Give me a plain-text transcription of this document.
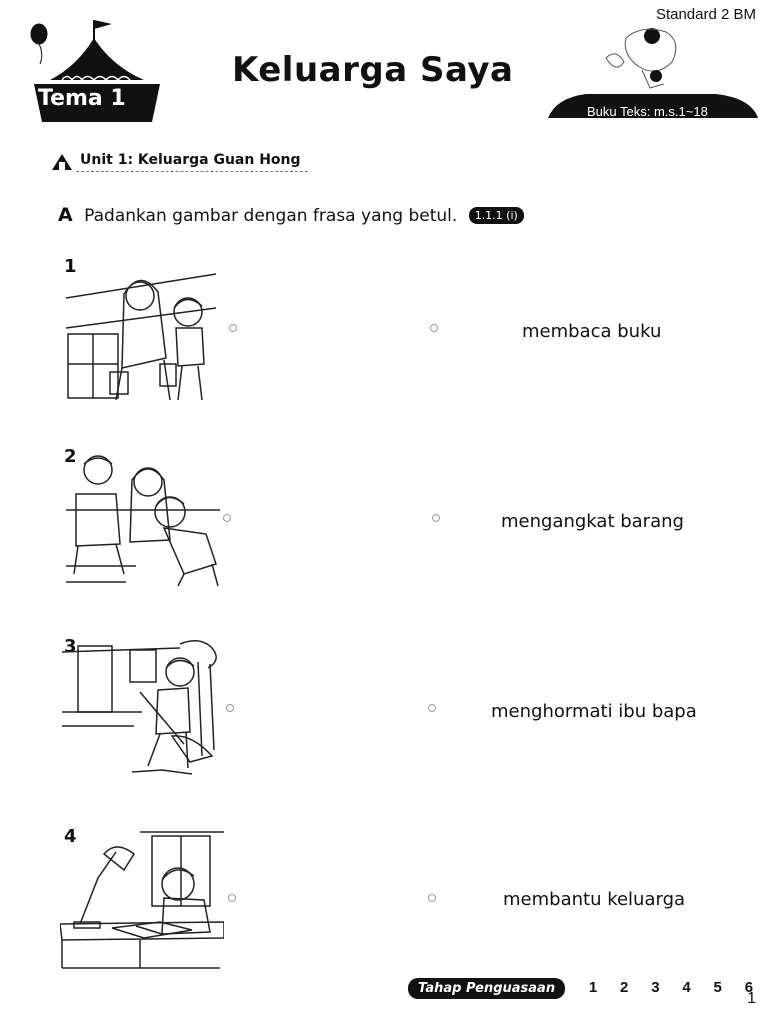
Tema 1
Keluarga Saya
Standard 2 BM
Buku Teks: m.s.1~18
Unit 1: Keluarga Guan Hong
A Padankan gambar dengan frasa yang betul. 1.1.1 (i)
1
membaca buku
2
mengangkat barang
3
menghormati ibu bapa
4
membantu keluarga
Tahap Penguasaan 1 2 3 4 5 6
1
